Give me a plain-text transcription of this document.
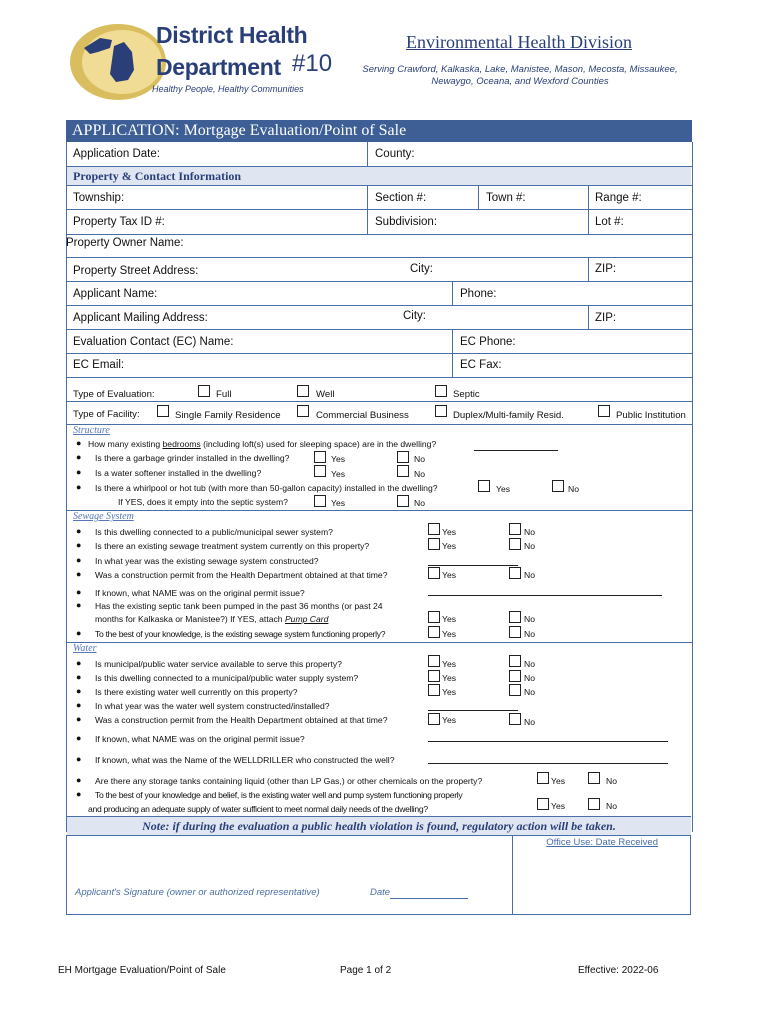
District Health
Department #10
Healthy People, Healthy Communities
Environmental Health Division
Serving Crawford, Kalkaska, Lake, Manistee, Mason, Mecosta, Missaukee,
Newaygo, Oceana, and Wexford Counties
APPLICATION: Mortgage Evaluation/Point of Sale
Application Date:	County:
Property & Contact Information
Township:	Section #:	Town #:	Range #:
Property Tax ID #:	Subdivision:	Lot #:
Property Owner Name:
Property Street Address:	City:	ZIP:
Applicant Name:	Phone:
Applicant Mailing Address:	City:	ZIP:
Evaluation Contact (EC) Name:	EC Phone:
EC Email:	EC Fax:
Type of Evaluation:	Full	Well	Septic
Type of Facility:	Single Family Residence	Commercial Business	Duplex/Multi-family Resid.	Public Institution
Structure
● How many existing bedrooms (including loft(s) used for sleeping space) are in the dwelling?
● Is there a garbage grinder installed in the dwelling?	Yes	No
● Is a water softener installed in the dwelling?	Yes	No
● Is there a whirlpool or hot tub (with more than 50-gallon capacity) installed in the dwelling?	Yes	No
If YES, does it empty into the septic system?	Yes	No
Sewage System
● Is this dwelling connected to a public/municipal sewer system?	Yes	No
● Is there an existing sewage treatment system currently on this property?	Yes	No
● In what year was the existing sewage system constructed?
● Was a construction permit from the Health Department obtained at that time?	Yes	No
● If known, what NAME was on the original permit issue?
● Has the existing septic tank been pumped in the past 36 months (or past 24
months for Kalkaska or Manistee?) If YES, attach Pump Card	Yes	No
● To the best of your knowledge, is the existing sewage system functioning properly?	Yes	No
Water
● Is municipal/public water service available to serve this property?	Yes	No
● Is this dwelling connected to a municipal/public water supply system?	Yes	No
● Is there existing water well currently on this property?	Yes	No
● In what year was the water well system constructed/installed?
● Was a construction permit from the Health Department obtained at that time?	Yes	No
● If known, what NAME was on the original permit issue?
● If known, what was the Name of the WELLDRILLER who constructed the well?
● Are there any storage tanks containing liquid (other than LP Gas,) or other chemicals on the property?	Yes	No
● To the best of your knowledge and belief, is the existing water well and pump system functioning properly
and producing an adequate supply of water sufficient to meet normal daily needs of the dwelling?	Yes	No
Note: if during the evaluation a public health violation is found, regulatory action will be taken.
Office Use: Date Received
Applicant's Signature (owner or authorized representative)	Date
EH Mortgage Evaluation/Point of Sale	Page 1 of 2	Effective: 2022-06
